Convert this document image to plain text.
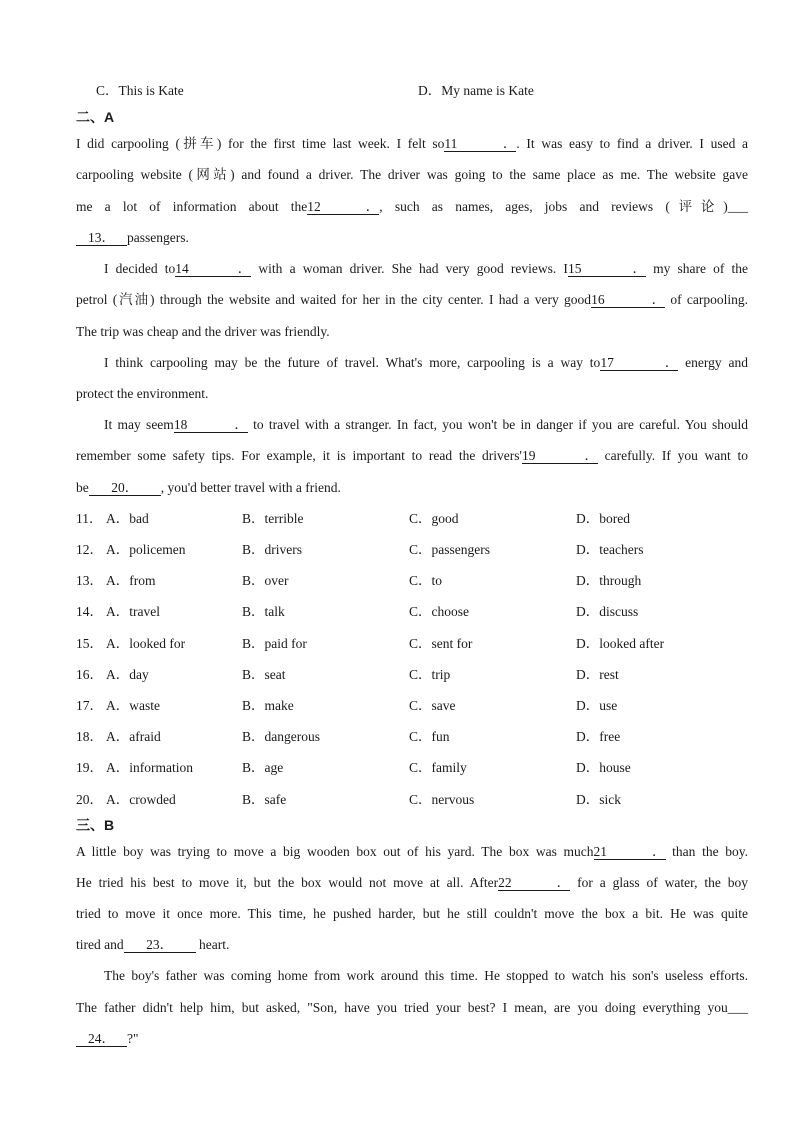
C．This is Kate	D．My name is Kate
二、A
I did carpooling (拼车) for the first time last week. I felt so11．. It was easy to find a driver. I used a
carpooling website (网站) and found a driver. The driver was going to the same place as me. The website gave
me a lot of information about the12．, such as names, ages, jobs and reviews (评论)___
13． passengers.
I decided to14． with a woman driver. She had very good reviews. I15． my share of the
petrol (汽油) through the website and waited for her in the city center. I had a very good16． of carpooling.
The trip was cheap and the driver was friendly.
I think carpooling may be the future of travel. What's more, carpooling is a way to17． energy and
protect the environment.
It may seem18． to travel with a stranger. In fact, you won't be in danger if you are careful. You should
remember some safety tips. For example, it is important to read the drivers'19． carefully. If you want to
be 20． , you'd better travel with a friend.
11． A．bad	B．terrible	C．good	D．bored
12． A．policemen	B．drivers	C．passengers	D．teachers
13． A．from	B．over	C．to	D．through
14． A．travel	B．talk	C．choose	D．discuss
15． A．looked for	B．paid for	C．sent for	D．looked after
16． A．day	B．seat	C．trip	D．rest
17． A．waste	B．make	C．save	D．use
18． A．afraid	B．dangerous	C．fun	D．free
19． A．information	B．age	C．family	D．house
20． A．crowded	B．safe	C．nervous	D．sick
三、B
A little boy was trying to move a big wooden box out of his yard. The box was much21． than the boy.
He tried his best to move it, but the box would not move at all. After22． for a glass of water, the boy
tried to move it once more. This time, he pushed harder, but he still couldn't move the box a bit. He was quite
tired and 23． heart.
The boy's father was coming home from work around this time. He stopped to watch his son's useless efforts.
The father didn't help him, but asked, "Son, have you tried your best? I mean, are you doing everything you___
24． ?"
